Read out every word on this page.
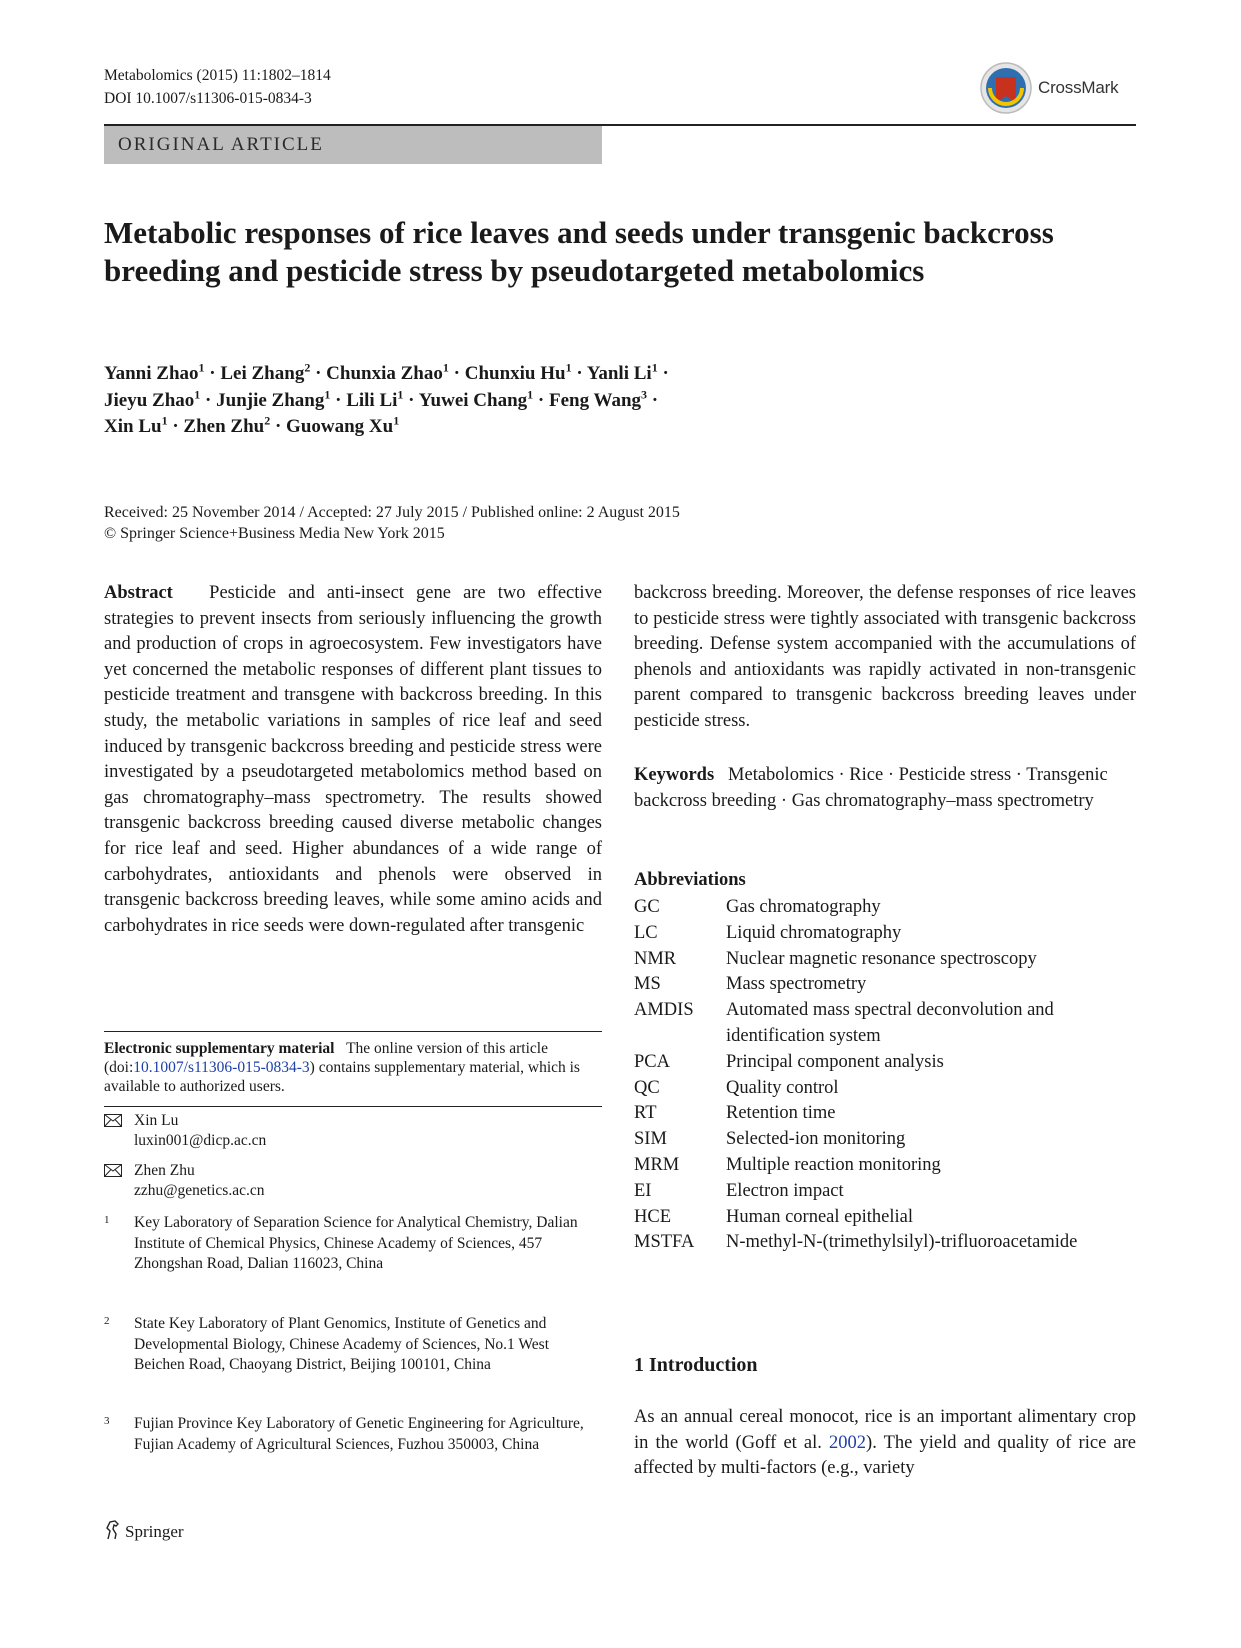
Metabolomics (2015) 11:1802–1814
DOI 10.1007/s11306-015-0834-3
CrossMark
ORIGINAL ARTICLE
Metabolic responses of rice leaves and seeds under transgenic backcross breeding and pesticide stress by pseudotargeted metabolomics
Yanni Zhao$^1$ · Lei Zhang$^2$ · Chunxia Zhao$^1$ · Chunxiu $Hu^1$ · Yanli $Li^1$ ·
Jieyu Zhao$^1$ · Junjie Zhang$^1$ · Lili $Li^1$ · Yuwei Chang$^1$ · Feng Wang$^3$ ·
Xin $Lu^1$ · Zhen Zhu$^2$ · Guowang Xu$^1$
Received: 25 November 2014 / Accepted: 27 July 2015 / Published online: 2 August 2015
© Springer Science+Business Media New York 2015

Abstract Pesticide and anti-insect gene are two effective strategies to prevent insects from seriously influencing the growth and production of crops in agroecosystem. Few investigators have yet concerned the metabolic responses of different plant tissues to pesticide treatment and transgene with backcross breeding. In this study, the metabolic variations in samples of rice leaf and seed induced by transgenic backcross breeding and pesticide stress were investigated by a pseudotargeted metabolomics method based on gas chromatography–mass spectrometry. The results showed transgenic backcross breeding caused diverse metabolic changes for rice leaf and seed. Higher abundances of a wide range of carbohydrates, antioxidants and phenols were observed in transgenic backcross breeding leaves, while some amino acids and carbohydrates in rice seeds were down-regulated after transgenic

backcross breeding. Moreover, the defense responses of rice leaves to pesticide stress were tightly associated with transgenic backcross breeding. Defense system accompanied with the accumulations of phenols and antioxidants was rapidly activated in non-transgenic parent compared to transgenic backcross breeding leaves under pesticide stress.

Keywords Metabolomics · Rice · Pesticide stress · Transgenic backcross breeding · Gas chromatography–mass spectrometry

Electronic supplementary material The online version of this article (doi:10.1007/s11306-015-0834-3) contains supplementary material, which is available to authorized users.
Xin Lu
luxin001@dicp.ac.cn
Zhen Zhu
zzhu@genetics.ac.cn
1 Key Laboratory of Separation Science for Analytical Chemistry, Dalian Institute of Chemical Physics, Chinese Academy of Sciences, 457 Zhongshan Road, Dalian 116023, China
2 State Key Laboratory of Plant Genomics, Institute of Genetics and Developmental Biology, Chinese Academy of Sciences, No.1 West Beichen Road, Chaoyang District, Beijing 100101, China
3 Fujian Province Key Laboratory of Genetic Engineering for Agriculture, Fujian Academy of Agricultural Sciences, Fuzhou 350003, China
Abbreviations
GC	Gas chromatography
LC	Liquid chromatography
NMR	Nuclear magnetic resonance spectroscopy
MS	Mass spectrometry
AMDIS	Automated mass spectral deconvolution and identification system
PCA	Principal component analysis
QC	Quality control
RT	Retention time
SIM	Selected-ion monitoring
MRM	Multiple reaction monitoring
EI	Electron impact
HCE	Human corneal epithelial
MSTFA	N-methyl-N-(trimethylsilyl)-trifluoroacetamide
1 Introduction

As an annual cereal monocot, rice is an important alimentary crop in the world (Goff et al. 2002). The yield and quality of rice are affected by multi-factors (e.g., variety

Springer
